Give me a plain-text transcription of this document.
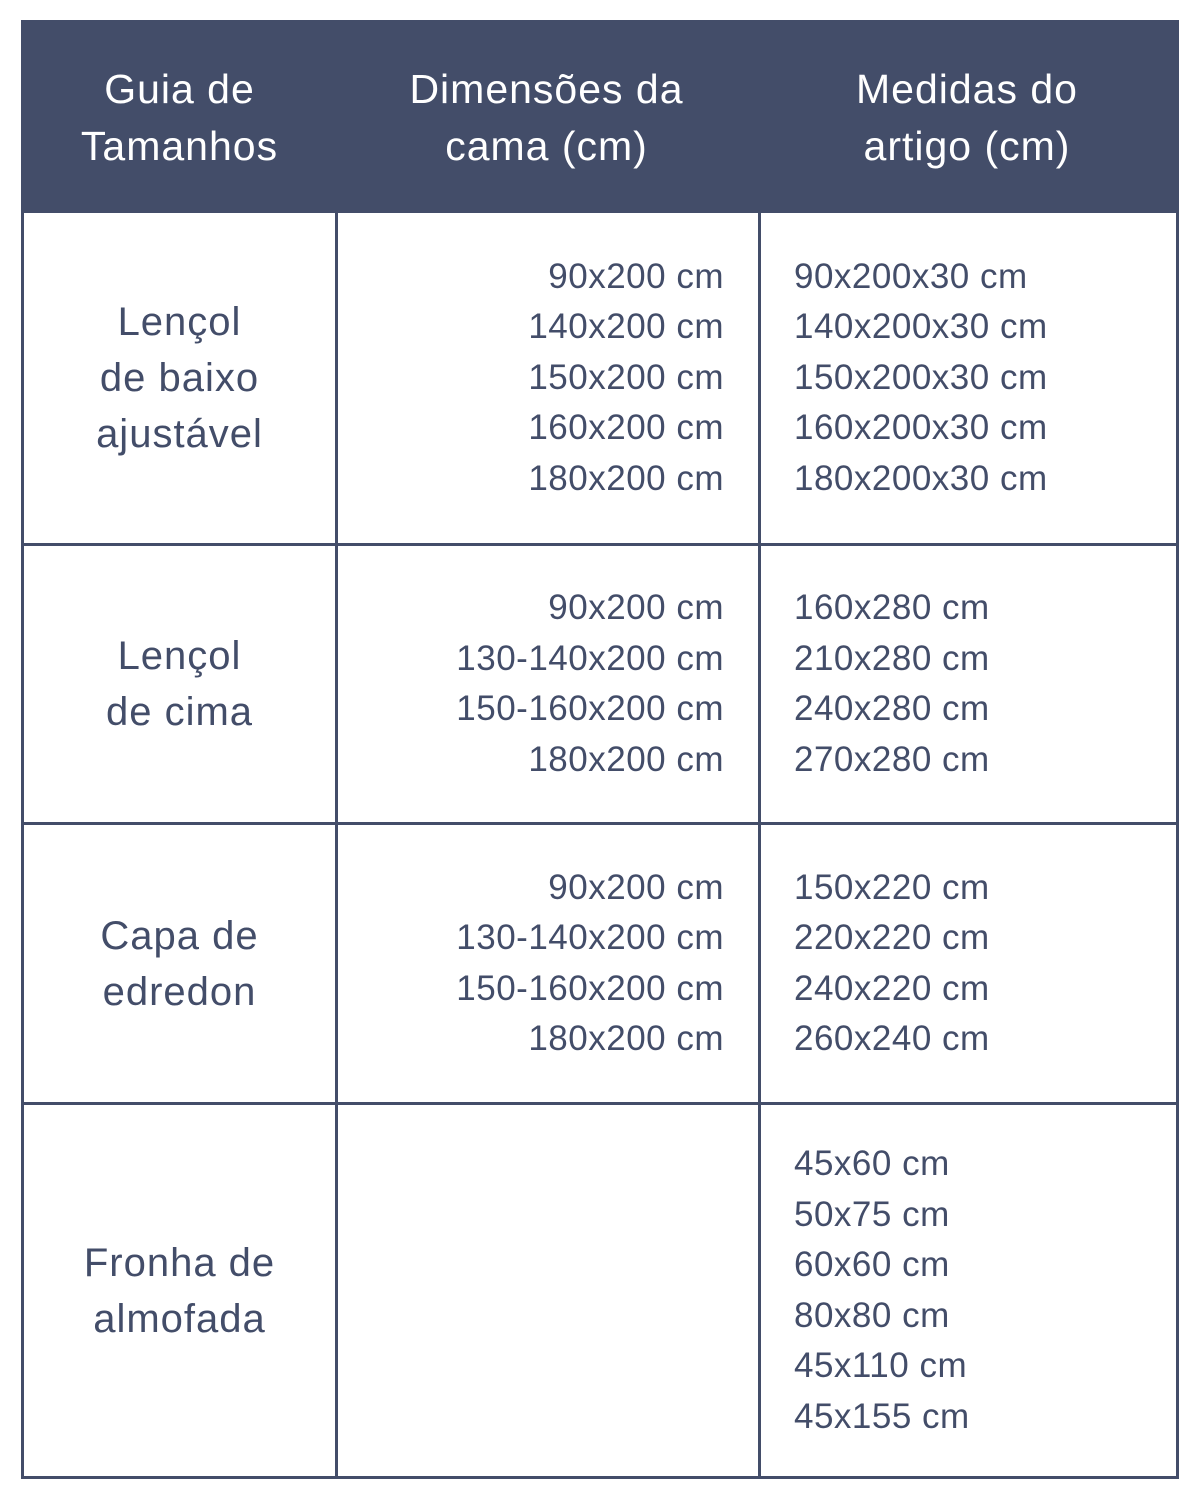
Guia de
Tamanhos
Dimensões da
cama (cm)
Medidas do
artigo (cm)
Lençol
de baixo
ajustável
90x200 cm
140x200 cm
150x200 cm
160x200 cm
180x200 cm
90x200x30 cm
140x200x30 cm
150x200x30 cm
160x200x30 cm
180x200x30 cm
Lençol
de cima
90x200 cm
130-140x200 cm
150-160x200 cm
180x200 cm
160x280 cm
210x280 cm
240x280 cm
270x280 cm
Capa de
edredon
90x200 cm
130-140x200 cm
150-160x200 cm
180x200 cm
150x220 cm
220x220 cm
240x220 cm
260x240 cm
Fronha de
almofada
45x60 cm
50x75 cm
60x60 cm
80x80 cm
45x110 cm
45x155 cm
